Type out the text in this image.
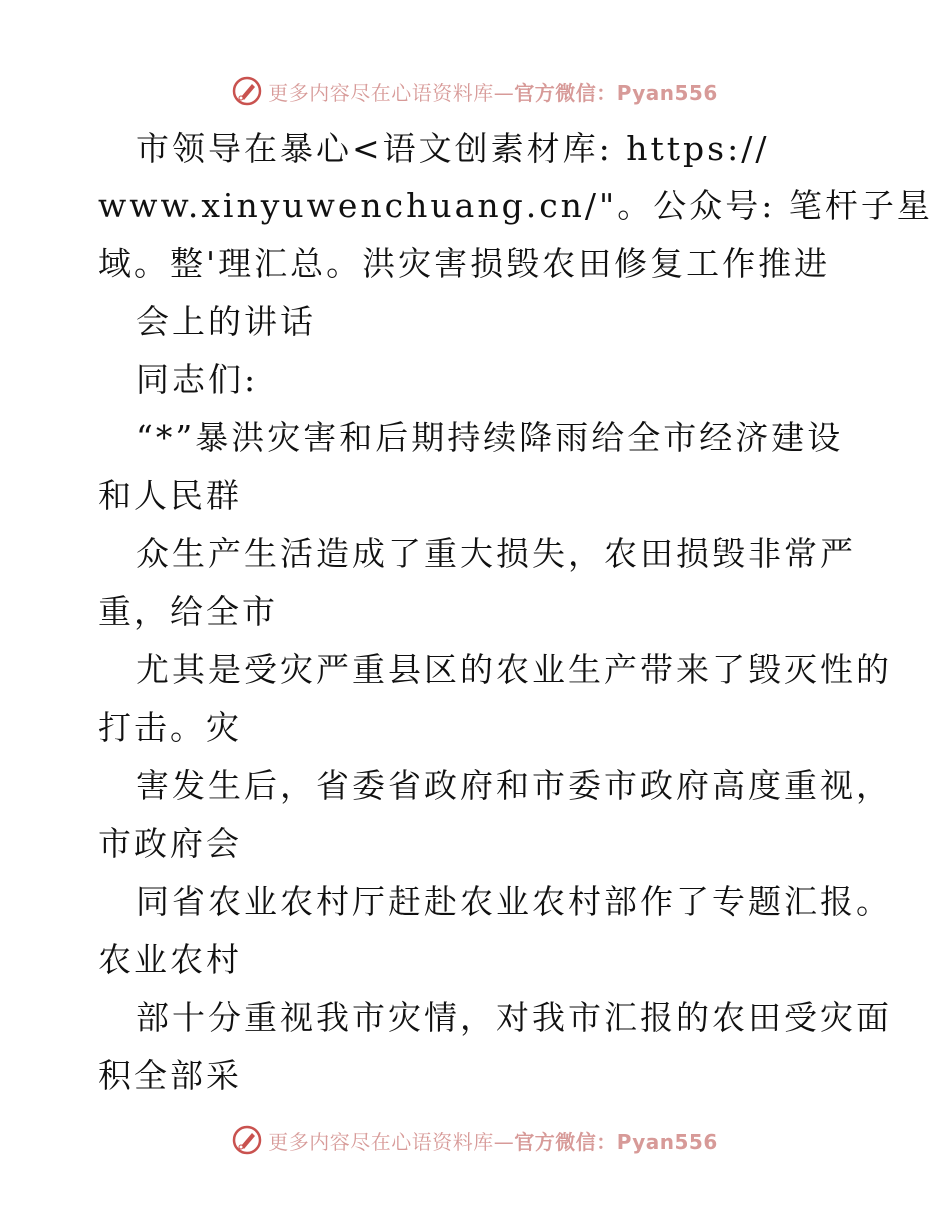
更多内容尽在心语资料库—官方微信：Pyan556
市领导在暴心<语文创素材库: https://
www.xinyuwenchuang.cn/"。公众号: 笔杆子星
域。整'理汇总。洪灾害损毁农田修复工作推进
会上的讲话
同志们:
“*”暴洪灾害和后期持续降雨给全市经济建设
和人民群
众生产生活造成了重大损失，农田损毁非常严
重，给全市
尤其是受灾严重县区的农业生产带来了毁灭性的
打击。灾
害发生后，省委省政府和市委市政府高度重视，
市政府会
同省农业农村厅赶赴农业农村部作了专题汇报。
农业农村
部十分重视我市灾情，对我市汇报的农田受灾面
积全部采
更多内容尽在心语资料库—官方微信：Pyan556
